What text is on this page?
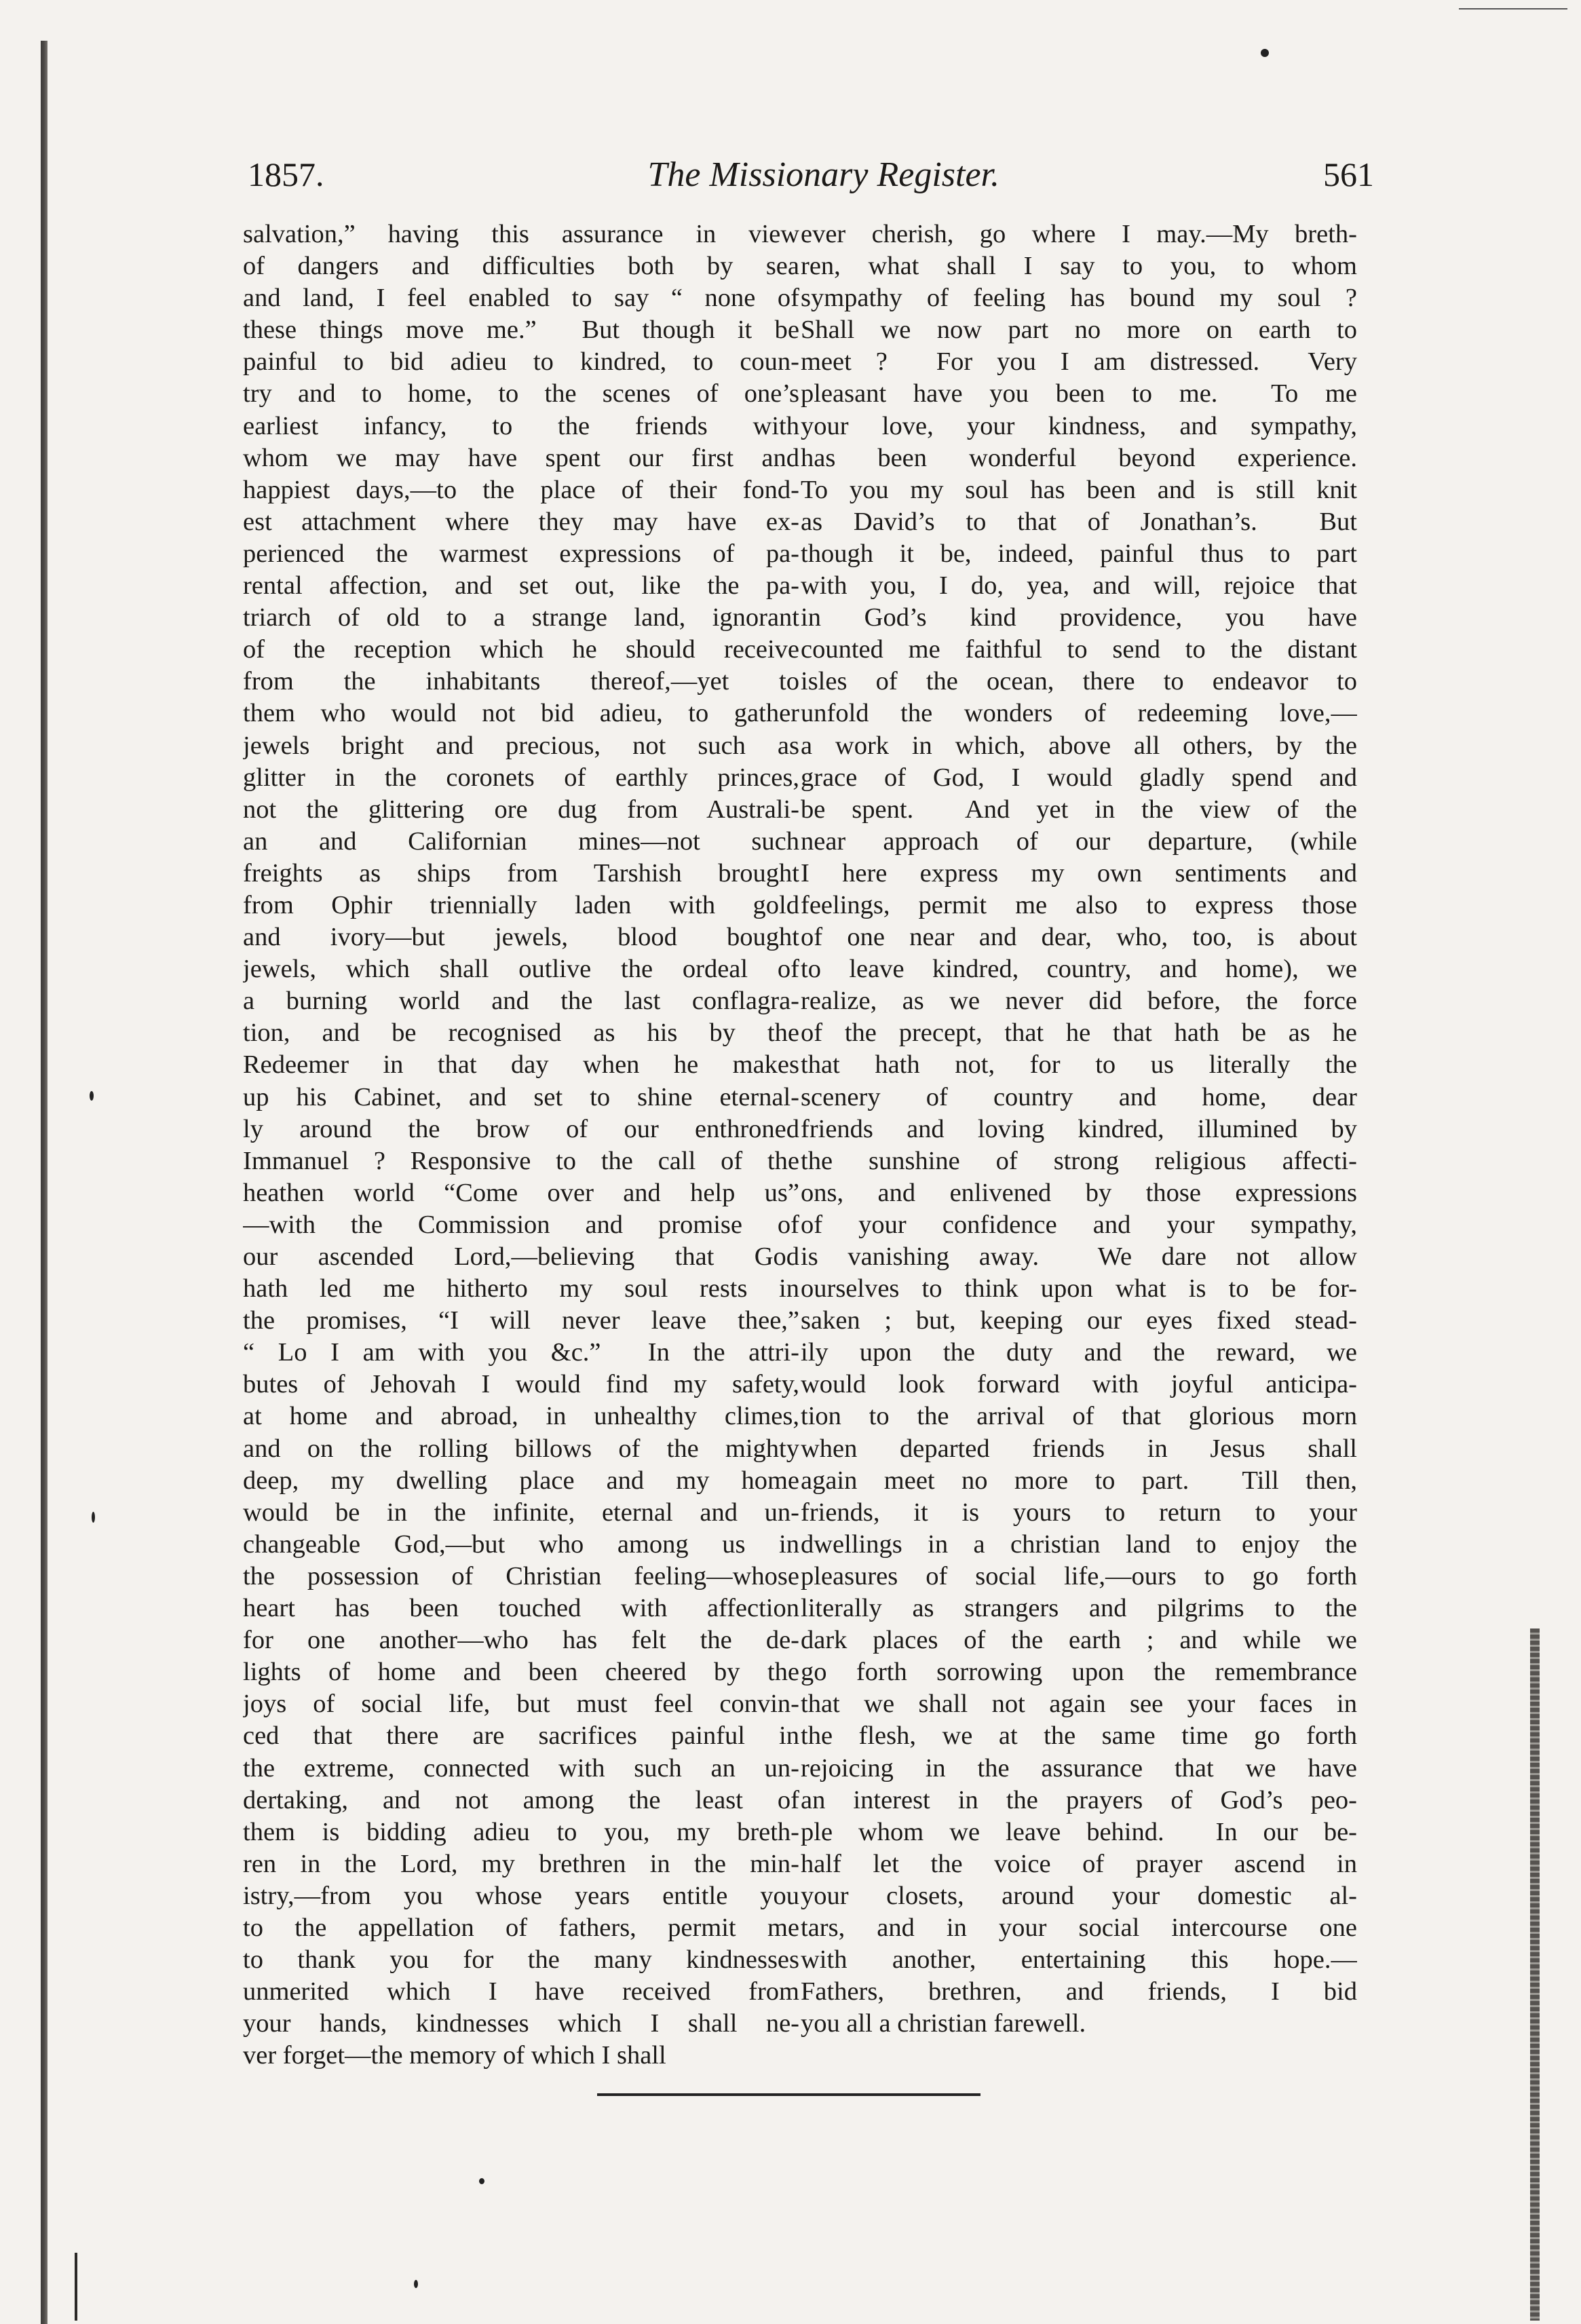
1857.	The Missionary Register.	561
salvation,” having this assurance in view
of dangers and difficulties both by sea
and land, I feel enabled to say “ none of
these things move me.”  But though it be
painful to bid adieu to kindred, to coun-
try and to home, to the scenes of one’s
earliest  infancy,  to  the  friends  with
whom we may have spent our first and
happiest days,—to the place of their fond-
est attachment where they may have ex-
perienced the warmest expressions of pa-
rental affection, and set out, like the pa-
triarch of old to a strange land, ignorant
of the reception which he should receive
from  the  inhabitants  thereof,—yet  to
them who would not bid adieu, to gather
jewels bright and precious, not such as
glitter in the coronets of earthly princes,
not the glittering ore dug from Australi-
an  and  Californian  mines—not  such
freights as ships from Tarshish brought
from Ophir triennially laden with gold
and ivory—but jewels, blood bought
jewels, which shall outlive the ordeal of
a burning world and the last conflagra-
tion, and be recognised as his by the
Redeemer in that day when he makes
up his Cabinet, and set to shine eternal-
ly around the brow of our enthroned
Immanuel ? Responsive to the call of the
heathen world “Come over and help us”
—with the Commission and promise of
our ascended Lord,—believing that God
hath led me hitherto my soul rests in
the promises, “I will never leave thee,”
“ Lo I am with you &c.”  In the attri-
butes of Jehovah I would find my safety,
at home and abroad, in unhealthy climes,
and on the rolling billows of the mighty
deep, my dwelling place and my home
would be in the infinite, eternal and un-
changeable God,—but who among us in
the possession of Christian feeling—whose
heart has been touched with affection
for one another—who has felt the de-
lights of home and been cheered by the
joys of social life, but must feel convin-
ced that there are sacrifices painful in
the extreme, connected with such an un-
dertaking, and not among the least of
them is bidding adieu to you, my breth-
ren in the Lord, my brethren in the min-
istry,—from you whose years entitle you
to the appellation of fathers, permit me
to thank you for the many kindnesses
unmerited which I have received from
your hands, kindnesses which I shall ne-
ver forget—the memory of which I shall
ever cherish, go where I may.—My breth-
ren, what shall I say to you, to whom
sympathy of feeling has bound my soul ?
Shall we now part no more on earth to
meet ?  For you I am distressed.  Very
pleasant have you been to me.  To me
your love, your kindness, and sympathy,
has been wonderful beyond experience.
To you my soul has been and is still knit
as David’s to that of Jonathan’s.  But
though it be, indeed, painful thus to part
with you, I do, yea, and will, rejoice that
in God’s kind providence, you have
counted me faithful to send to the distant
isles of the ocean, there to endeavor to
unfold the wonders of redeeming love,—
a work in which, above all others, by the
grace of God, I would gladly spend and
be spent.  And yet in the view of the
near approach of our departure, (while
I here express my own sentiments and
feelings, permit me also to express those
of one near and dear, who, too, is about
to leave kindred, country, and home), we
realize, as we never did before, the force
of the precept, that he that hath be as he
that hath not, for to us literally the
scenery of country and home, dear
friends and loving kindred, illumined by
the sunshine of strong religious affecti-
ons, and enlivened by those expressions
of your confidence and your sympathy,
is vanishing away.  We dare not allow
ourselves to think upon what is to be for-
saken ; but, keeping our eyes fixed stead-
ily upon the duty and the reward, we
would look forward with joyful anticipa-
tion to the arrival of that glorious morn
when departed friends in Jesus shall
again meet no more to part.  Till then,
friends, it is yours to return to your
dwellings in a christian land to enjoy the
pleasures of social life,—ours to go forth
literally as strangers and pilgrims to the
dark places of the earth ; and while we
go forth sorrowing upon the remembrance
that we shall not again see your faces in
the flesh, we at the same time go forth
rejoicing in the assurance that we have
an interest in the prayers of God’s peo-
ple whom we leave behind.  In our be-
half let the voice of prayer ascend in
your closets, around your domestic al-
tars, and in your social intercourse one
with another, entertaining this hope.—
Fathers, brethren, and friends, I bid
you all a christian farewell.
